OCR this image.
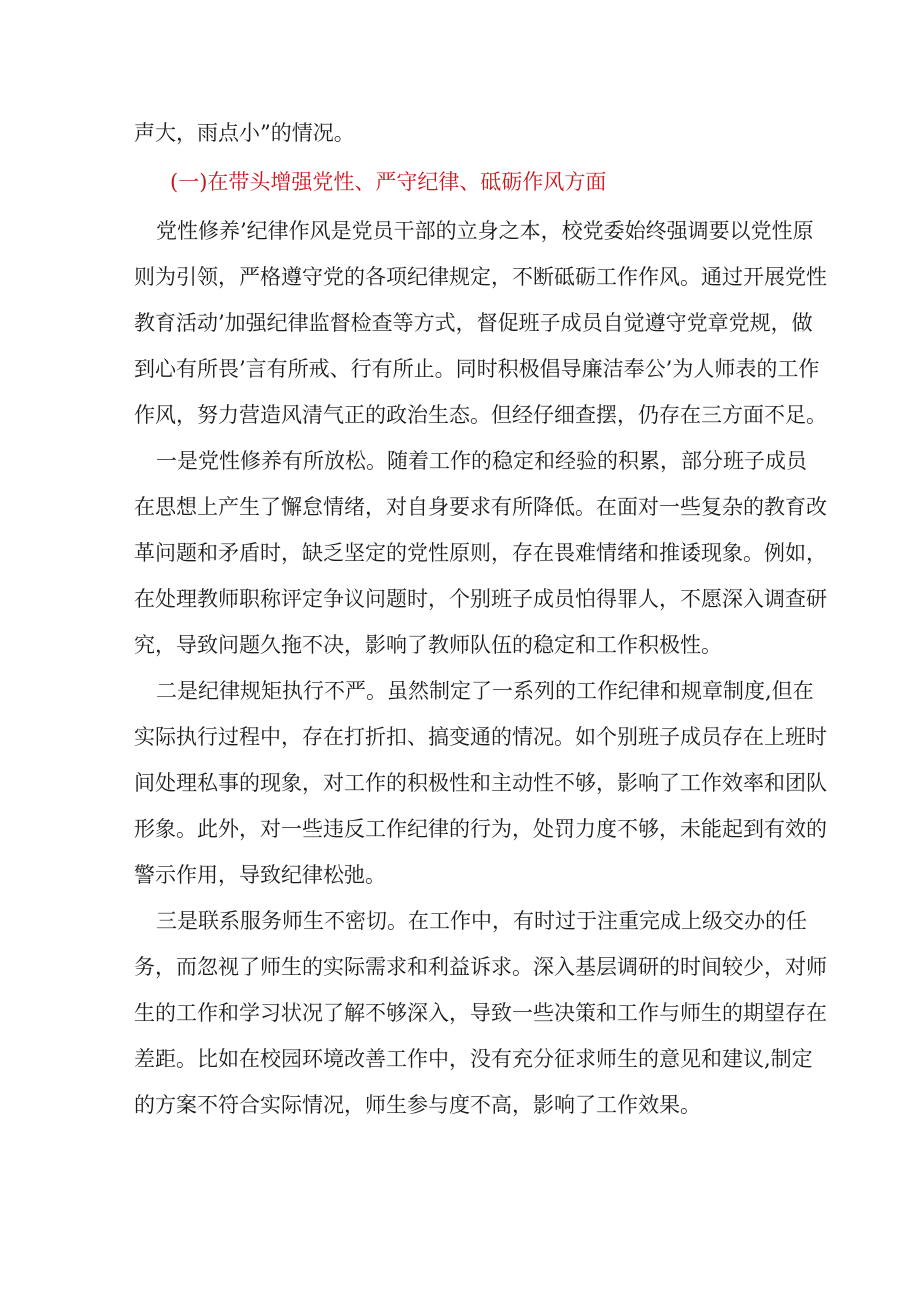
声大，雨点小”的情况。
(一)在带头增强党性、严守纪律、砥砺作风方面
党性修养’纪律作风是党员干部的立身之本，校党委始终强调要以党性原
则为引领，严格遵守党的各项纪律规定，不断砥砺工作作风。通过开展党性
教育活动’加强纪律监督检查等方式，督促班子成员自觉遵守党章党规，做
到心有所畏’言有所戒、行有所止。同时积极倡导廉洁奉公’为人师表的工作
作风，努力营造风清气正的政治生态。但经仔细查摆，仍存在三方面不足。
一是党性修养有所放松。随着工作的稳定和经验的积累，部分班子成员
在思想上产生了懈怠情绪，对自身要求有所降低。在面对一些复杂的教育改
革问题和矛盾时，缺乏坚定的党性原则，存在畏难情绪和推诿现象。例如，
在处理教师职称评定争议问题时，个别班子成员怕得罪人，不愿深入调查研
究，导致问题久拖不决，影响了教师队伍的稳定和工作积极性。
二是纪律规矩执行不严。虽然制定了一系列的工作纪律和规章制度,但在
实际执行过程中，存在打折扣、搞变通的情况。如个别班子成员存在上班时
间处理私事的现象，对工作的积极性和主动性不够，影响了工作效率和团队
形象。此外，对一些违反工作纪律的行为，处罚力度不够，未能起到有效的
警示作用，导致纪律松弛。
三是联系服务师生不密切。在工作中，有时过于注重完成上级交办的任
务，而忽视了师生的实际需求和利益诉求。深入基层调研的时间较少，对师
生的工作和学习状况了解不够深入，导致一些决策和工作与师生的期望存在
差距。比如在校园环境改善工作中，没有充分征求师生的意见和建议,制定
的方案不符合实际情况，师生参与度不高，影响了工作效果。
